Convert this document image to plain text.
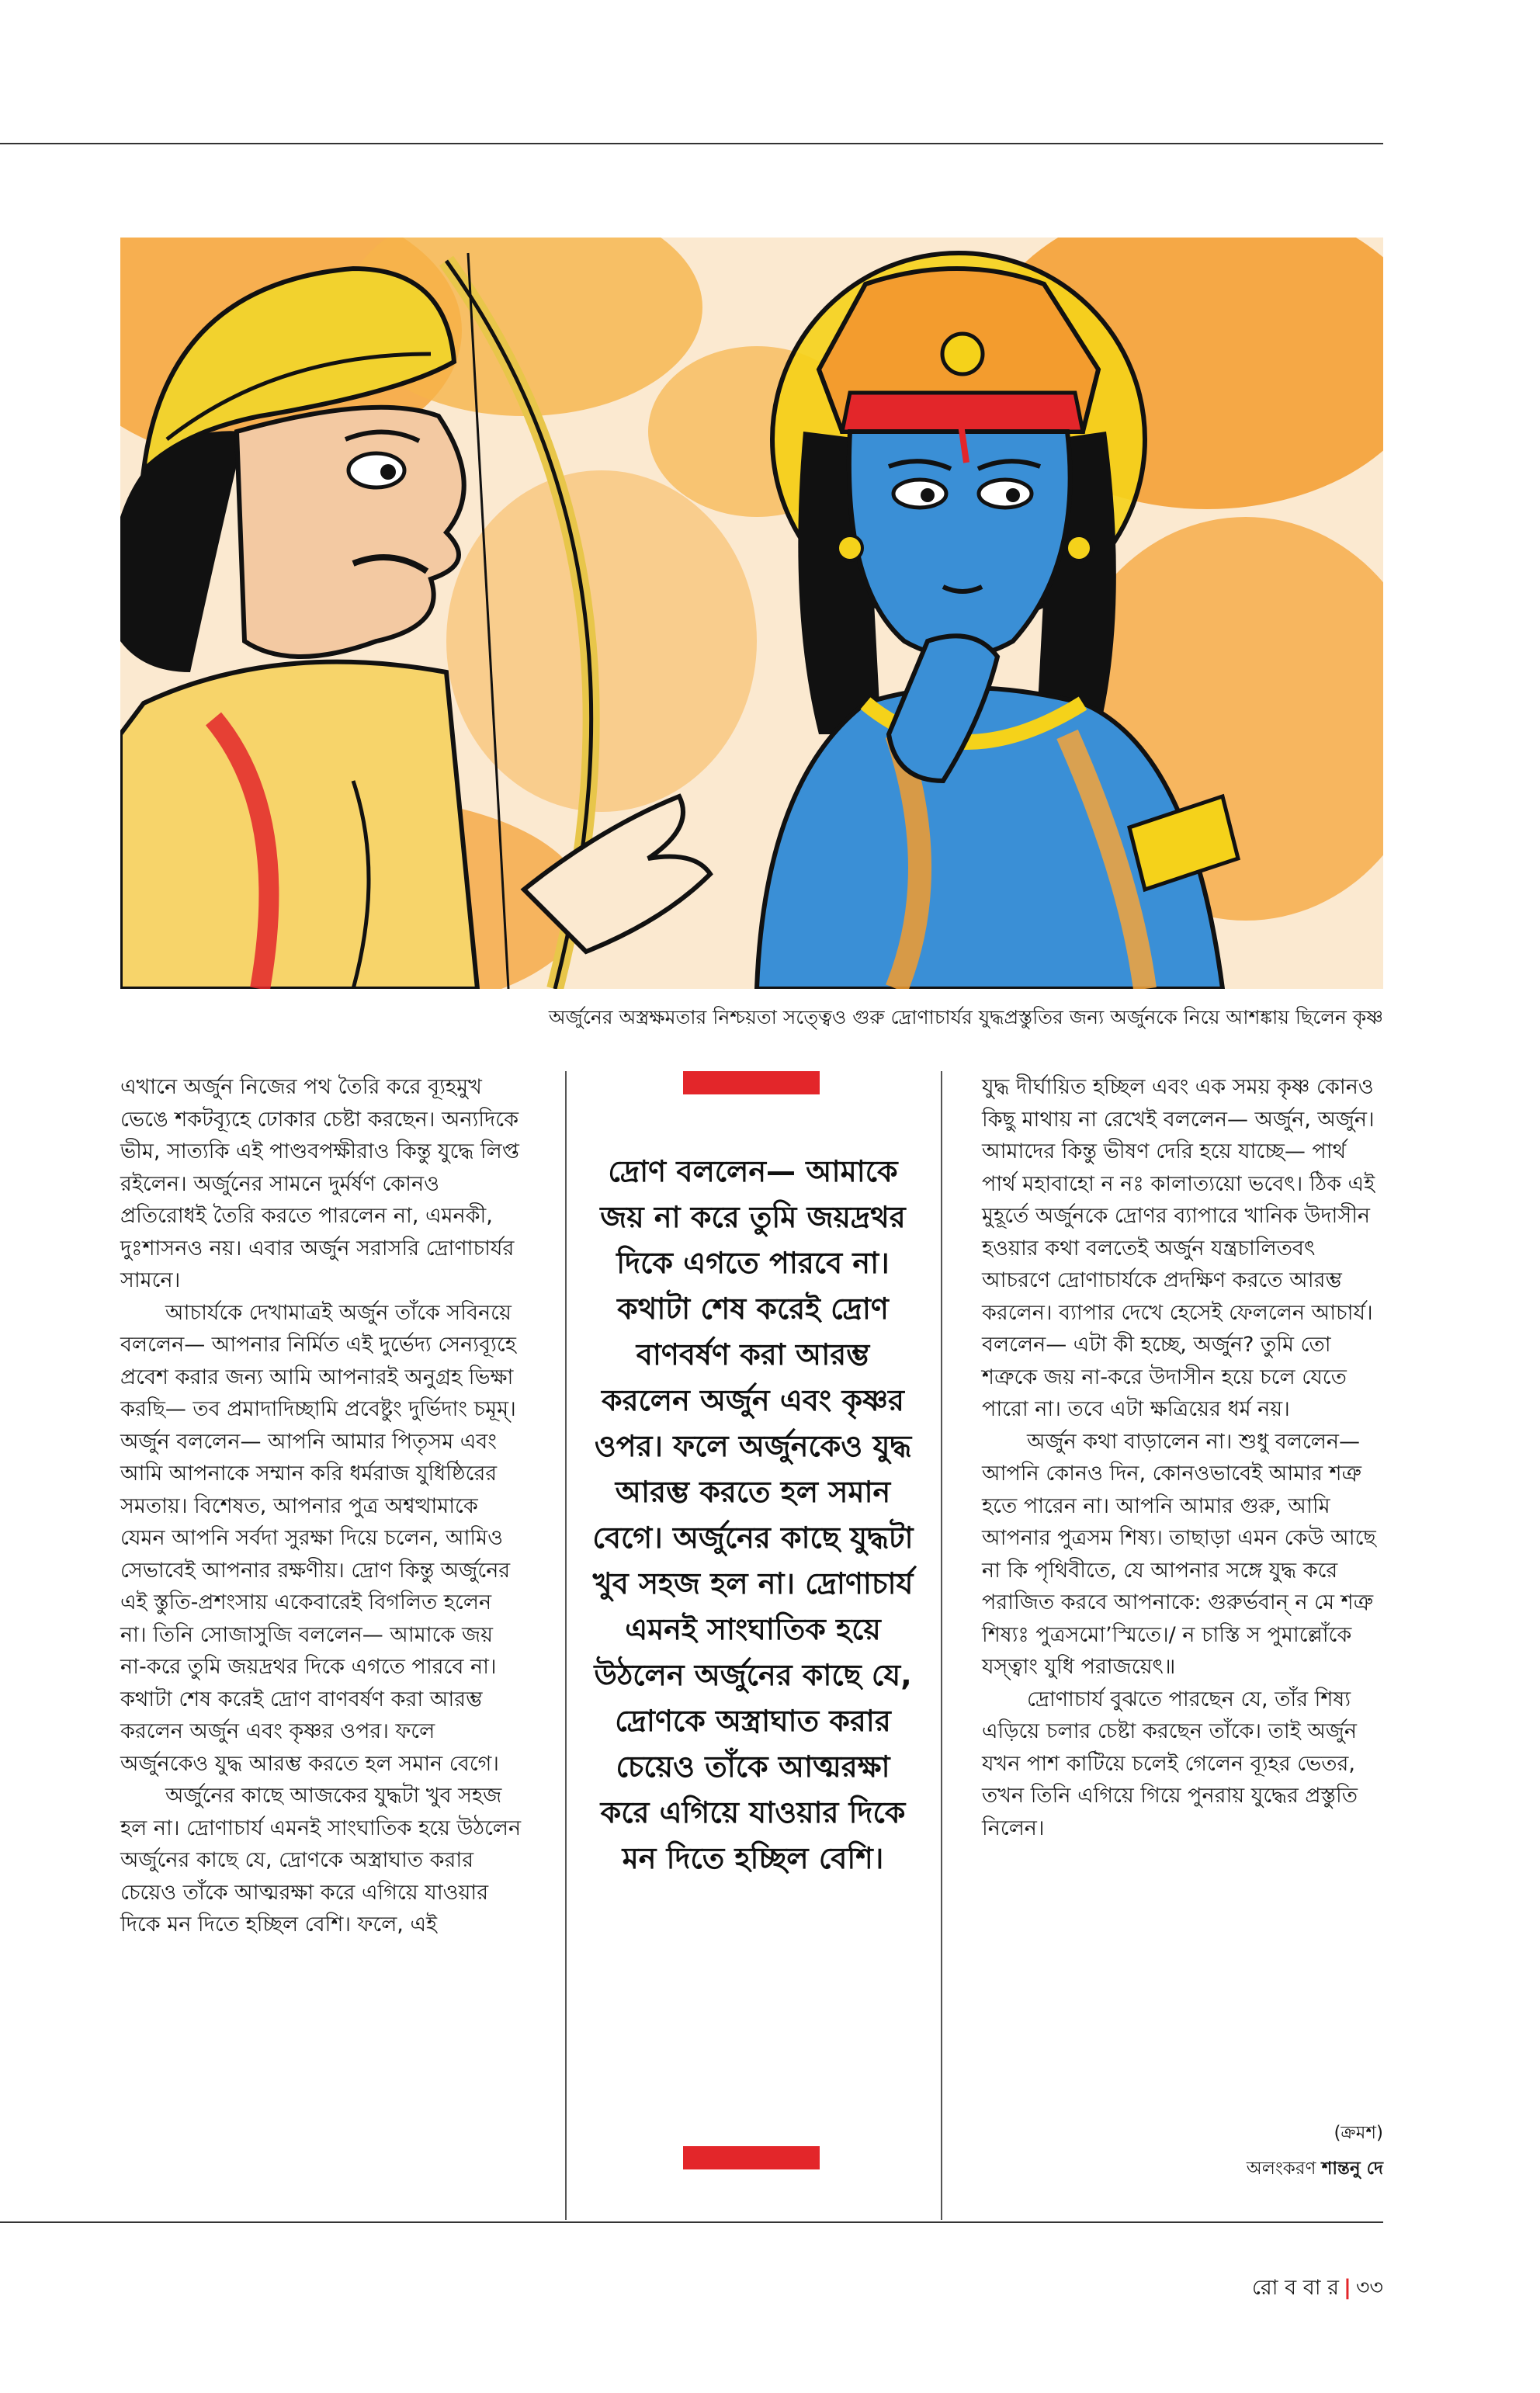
অর্জুনের অস্ত্রক্ষমতার নিশ্চয়তা সত্ত্বেও গুরু দ্রোণাচার্যর যুদ্ধপ্রস্তুতির জন্য অর্জুনকে নিয়ে আশঙ্কায় ছিলেন কৃষ্ণ

এখানে অর্জুন নিজের পথ তৈরি করে ব্যূহমুখ ভেঙে শকটব্যূহে ঢোকার চেষ্টা করছেন। অন্যদিকে ভীম, সাত্যকি এই পাণ্ডবপক্ষীরাও কিন্তু যুদ্ধে লিপ্ত রইলেন। অর্জুনের সামনে দুর্মর্ষণ কোনও প্রতিরোধই তৈরি করতে পারলেন না, এমনকী, দুঃশাসনও নয়। এবার অর্জুন সরাসরি দ্রোণাচার্যর সামনে।

আচার্যকে দেখামাত্রই অর্জুন তাঁকে সবিনয়ে বললেন— আপনার নির্মিত এই দুর্ভেদ্য সেন্যব্যূহে প্রবেশ করার জন্য আমি আপনারই অনুগ্রহ ভিক্ষা করছি— তব প্রমাদাদিচ্ছামি প্রবেষ্টুং দুর্ভিদাং চমূম্। অর্জুন বললেন— আপনি আমার পিতৃসম এবং আমি আপনাকে সম্মান করি ধর্মরাজ যুধিষ্ঠিরের সমতায়। বিশেষত, আপনার পুত্র অশ্বত্থামাকে যেমন আপনি সর্বদা সুরক্ষা দিয়ে চলেন, আমিও সেভাবেই আপনার রক্ষণীয়। দ্রোণ কিন্তু অর্জুনের এই স্তুতি-প্রশংসায় একেবারেই বিগলিত হলেন না। তিনি সোজাসুজি বললেন— আমাকে জয় না-করে তুমি জয়দ্রথর দিকে এগতে পারবে না। কথাটা শেষ করেই দ্রোণ বাণবর্ষণ করা আরম্ভ করলেন অর্জুন এবং কৃষ্ণর ওপর। ফলে অর্জুনকেও যুদ্ধ আরম্ভ করতে হল সমান বেগে।

অর্জুনের কাছে আজকের যুদ্ধটা খুব সহজ হল না। দ্রোণাচার্য এমনই সাংঘাতিক হয়ে উঠলেন অর্জুনের কাছে যে, দ্রোণকে অস্ত্রাঘাত করার চেয়েও তাঁকে আত্মরক্ষা করে এগিয়ে যাওয়ার দিকে মন দিতে হচ্ছিল বেশি। ফলে, এই

দ্রোণ বললেন— আমাকে জয় না করে তুমি জয়দ্রথর দিকে এগতে পারবে না। কথাটা শেষ করেই দ্রোণ বাণবর্ষণ করা আরম্ভ করলেন অর্জুন এবং কৃষ্ণর ওপর। ফলে অর্জুনকেও যুদ্ধ আরম্ভ করতে হল সমান বেগে। অর্জুনের কাছে যুদ্ধটা খুব সহজ হল না। দ্রোণাচার্য এমনই সাংঘাতিক হয়ে উঠলেন অর্জুনের কাছে যে, দ্রোণকে অস্ত্রাঘাত করার চেয়েও তাঁকে আত্মরক্ষা করে এগিয়ে যাওয়ার দিকে মন দিতে হচ্ছিল বেশি।

যুদ্ধ দীর্ঘায়িত হচ্ছিল এবং এক সময় কৃষ্ণ কোনও কিছু মাথায় না রেখেই বললেন— অর্জুন, অর্জুন। আমাদের কিন্তু ভীষণ দেরি হয়ে যাচ্ছে— পার্থ পার্থ মহাবাহো ন নঃ কালাত্যয়ো ভবেৎ। ঠিক এই মুহূর্তে অর্জুনকে দ্রোণর ব্যাপারে খানিক উদাসীন হওয়ার কথা বলতেই অর্জুন যন্ত্রচালিতবৎ আচরণে দ্রোণাচার্যকে প্রদক্ষিণ করতে আরম্ভ করলেন। ব্যাপার দেখে হেসেই ফেললেন আচার্য। বললেন— এটা কী হচ্ছে, অর্জুন? তুমি তো শত্রুকে জয় না-করে উদাসীন হয়ে চলে যেতে পারো না। তবে এটা ক্ষত্রিয়ের ধর্ম নয়।

অর্জুন কথা বাড়ালেন না। শুধু বললেন— আপনি কোনও দিন, কোনওভাবেই আমার শত্রু হতে পারেন না। আপনি আমার গুরু, আমি আপনার পুত্রসম শিষ্য। তাছাড়া এমন কেউ আছে না কি পৃথিবীতে, যে আপনার সঙ্গে যুদ্ধ করে পরাজিত করবে আপনাকে: গুরুর্ভবান্ ন মে শত্রু শিষ্যঃ পুত্রসমো’স্মিতে।/ ন চাস্তি স পুমাল্লোঁকে যস্ত্বাং যুধি পরাজয়েৎ॥

দ্রোণাচার্য বুঝতে পারছেন যে, তাঁর শিষ্য এড়িয়ে চলার চেষ্টা করছেন তাঁকে। তাই অর্জুন যখন পাশ কাটিয়ে চলেই গেলেন ব্যূহর ভেতর, তখন তিনি এগিয়ে গিয়ে পুনরায় যুদ্ধের প্রস্তুতি নিলেন।

(ক্রমশ)
অলংকরণ শান্তনু দে
রো ব বা র | ৩৩
